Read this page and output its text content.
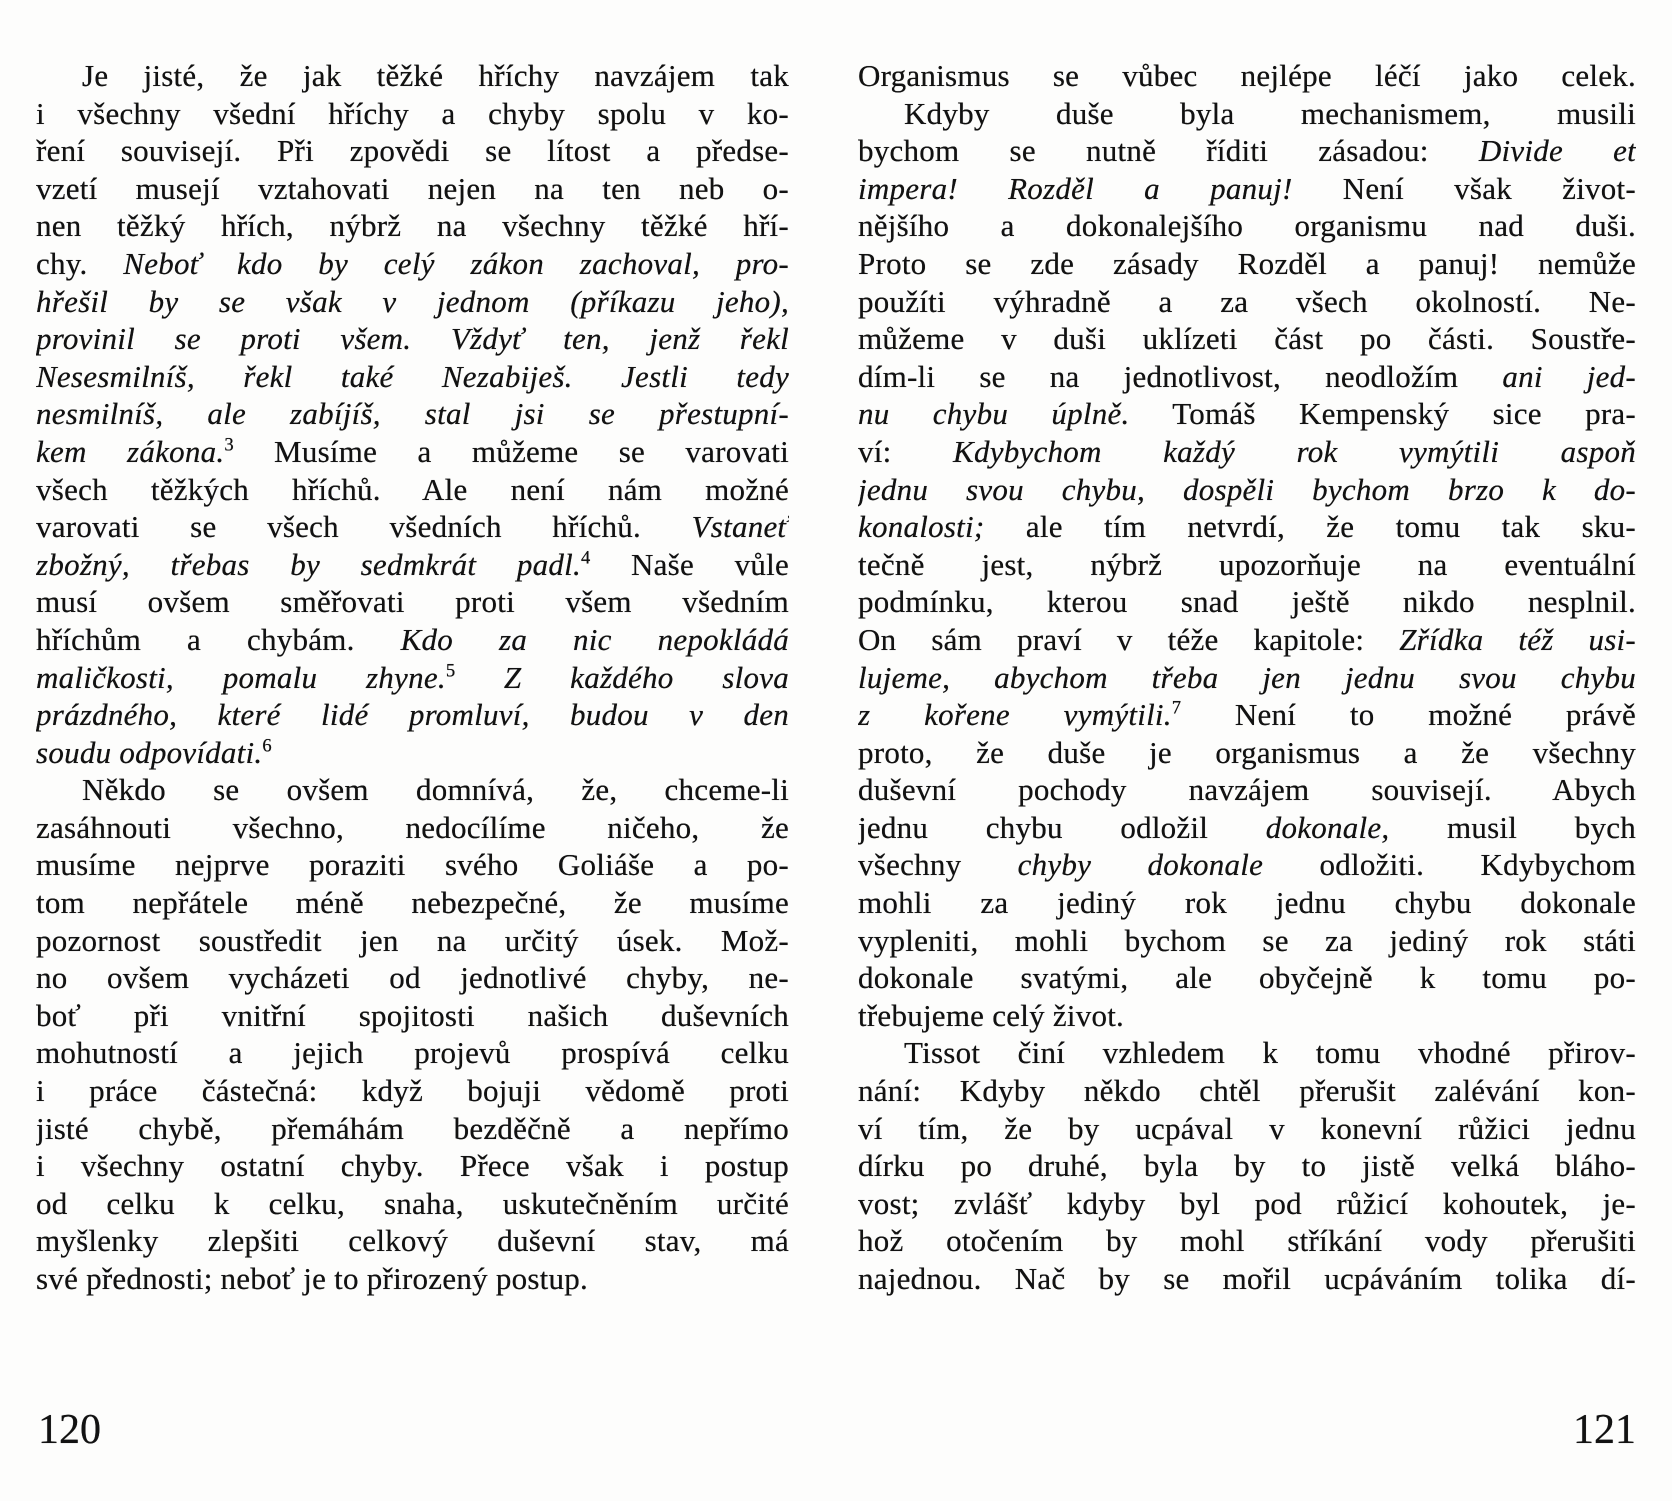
Je jisté, že jak těžké hříchy navzájem tak
i všechny všední hříchy a chyby spolu v ko-
ření souvisejí. Při zpovědi se lítost a předse-
vzetí musejí vztahovati nejen na ten neb o-
nen těžký hřích, nýbrž na všechny těžké hří-
chy. Neboť kdo by celý zákon zachoval, pro-
hřešil by se však v jednom (příkazu jeho),
provinil se proti všem. Vždyť ten, jenž řekl
Nesesmilníš, řekl také Nezabiješ. Jestli tedy
nesmilníš, ale zabíjíš, stal jsi se přestupní-
kem zákona.$^3$ Musíme a můžeme se varovati
všech těžkých hříchů. Ale není nám možné
varovati se všech všedních hříchů. Vstaneť
zbožný, třebas by sedmkrát padl.$^4$ Naše vůle
musí ovšem směřovati proti všem všedním
hříchům a chybám. Kdo za nic nepokládá
maličkosti, pomalu zhyne.$^5$ Z každého slova
prázdného, které lidé promluví, budou v den
soudu odpovídati.$^6$
Někdo se ovšem domnívá, že, chceme-li
zasáhnouti všechno, nedocílíme ničeho, že
musíme nejprve poraziti svého Goliáše a po-
tom nepřátele méně nebezpečné, že musíme
pozornost soustředit jen na určitý úsek. Mož-
no ovšem vycházeti od jednotlivé chyby, ne-
boť při vnitřní spojitosti našich duševních
mohutností a jejich projevů prospívá celku
i práce částečná: když bojuji vědomě proti
jisté chybě, přemáhám bezděčně a nepřímo
i všechny ostatní chyby. Přece však i postup
od celku k celku, snaha, uskutečněním určité
myšlenky zlepšiti celkový duševní stav, má
své přednosti; neboť je to přirozený postup.
Organismus se vůbec nejlépe léčí jako celek.
Kdyby duše byla mechanismem, musili
bychom se nutně říditi zásadou: Divide et
impera! Rozděl a panuj! Není však život-
nějšího a dokonalejšího organismu nad duši.
Proto se zde zásady Rozděl a panuj! nemůže
použíti výhradně a za všech okolností. Ne-
můžeme v duši uklízeti část po části. Soustře-
dím-li se na jednotlivost, neodložím ani jed-
nu chybu úplně. Tomáš Kempenský sice pra-
ví: Kdybychom každý rok vymýtili aspoň
jednu svou chybu, dospěli bychom brzo k do-
konalosti; ale tím netvrdí, že tomu tak sku-
tečně jest, nýbrž upozorňuje na eventuální
podmínku, kterou snad ještě nikdo nesplnil.
On sám praví v téže kapitole: Zřídka též usi-
lujeme, abychom třeba jen jednu svou chybu
z kořene vymýtili.$^7$ Není to možné právě
proto, že duše je organismus a že všechny
duševní pochody navzájem souvisejí. Abych
jednu chybu odložil dokonale, musil bych
všechny chyby dokonale odložiti. Kdybychom
mohli za jediný rok jednu chybu dokonale
vypleniti, mohli bychom se za jediný rok státi
dokonale svatými, ale obyčejně k tomu po-
třebujeme celý život.
Tissot činí vzhledem k tomu vhodné přirov-
nání: Kdyby někdo chtěl přerušit zalévání kon-
ví tím, že by ucpával v konevní růžici jednu
dírku po druhé, byla by to jistě velká bláho-
vost; zvlášť kdyby byl pod růžicí kohoutek, je-
hož otočením by mohl stříkání vody přerušiti
najednou. Nač by se mořil ucpáváním tolika dí-
120	121
